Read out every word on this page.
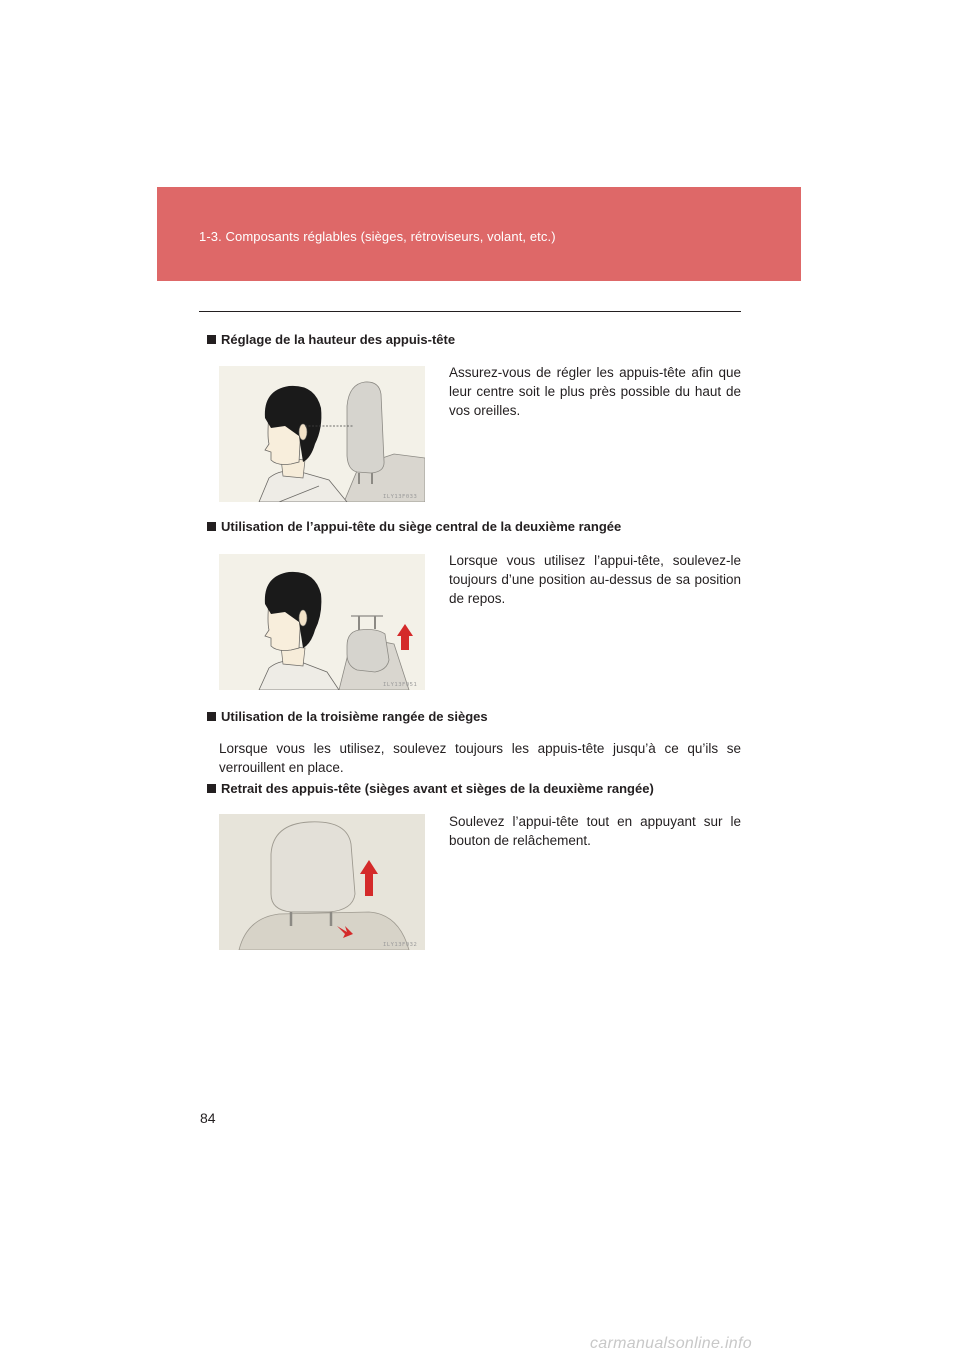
1-3. Composants réglables (sièges, rétroviseurs, volant, etc.)
Réglage de la hauteur des appuis-tête
ILY13F033
Assurez-vous de régler les appuis-tête afin que leur centre soit le plus près possible du haut de vos oreilles.
Utilisation de l’appui-tête du siège central de la deuxième rangée
ILY13F051
Lorsque vous utilisez l’appui-tête, soulevez-le toujours d’une position au-dessus de sa position de repos.
Utilisation de la troisième rangée de sièges
Lorsque vous les utilisez, soulevez toujours les appuis-tête jusqu’à ce qu’ils se verrouillent en place.
Retrait des appuis-tête (sièges avant et sièges de la deuxième rangée)
ILY13F032
Soulevez l’appui-tête tout en appuyant sur le bouton de relâchement.
84
carmanualsonline.info
